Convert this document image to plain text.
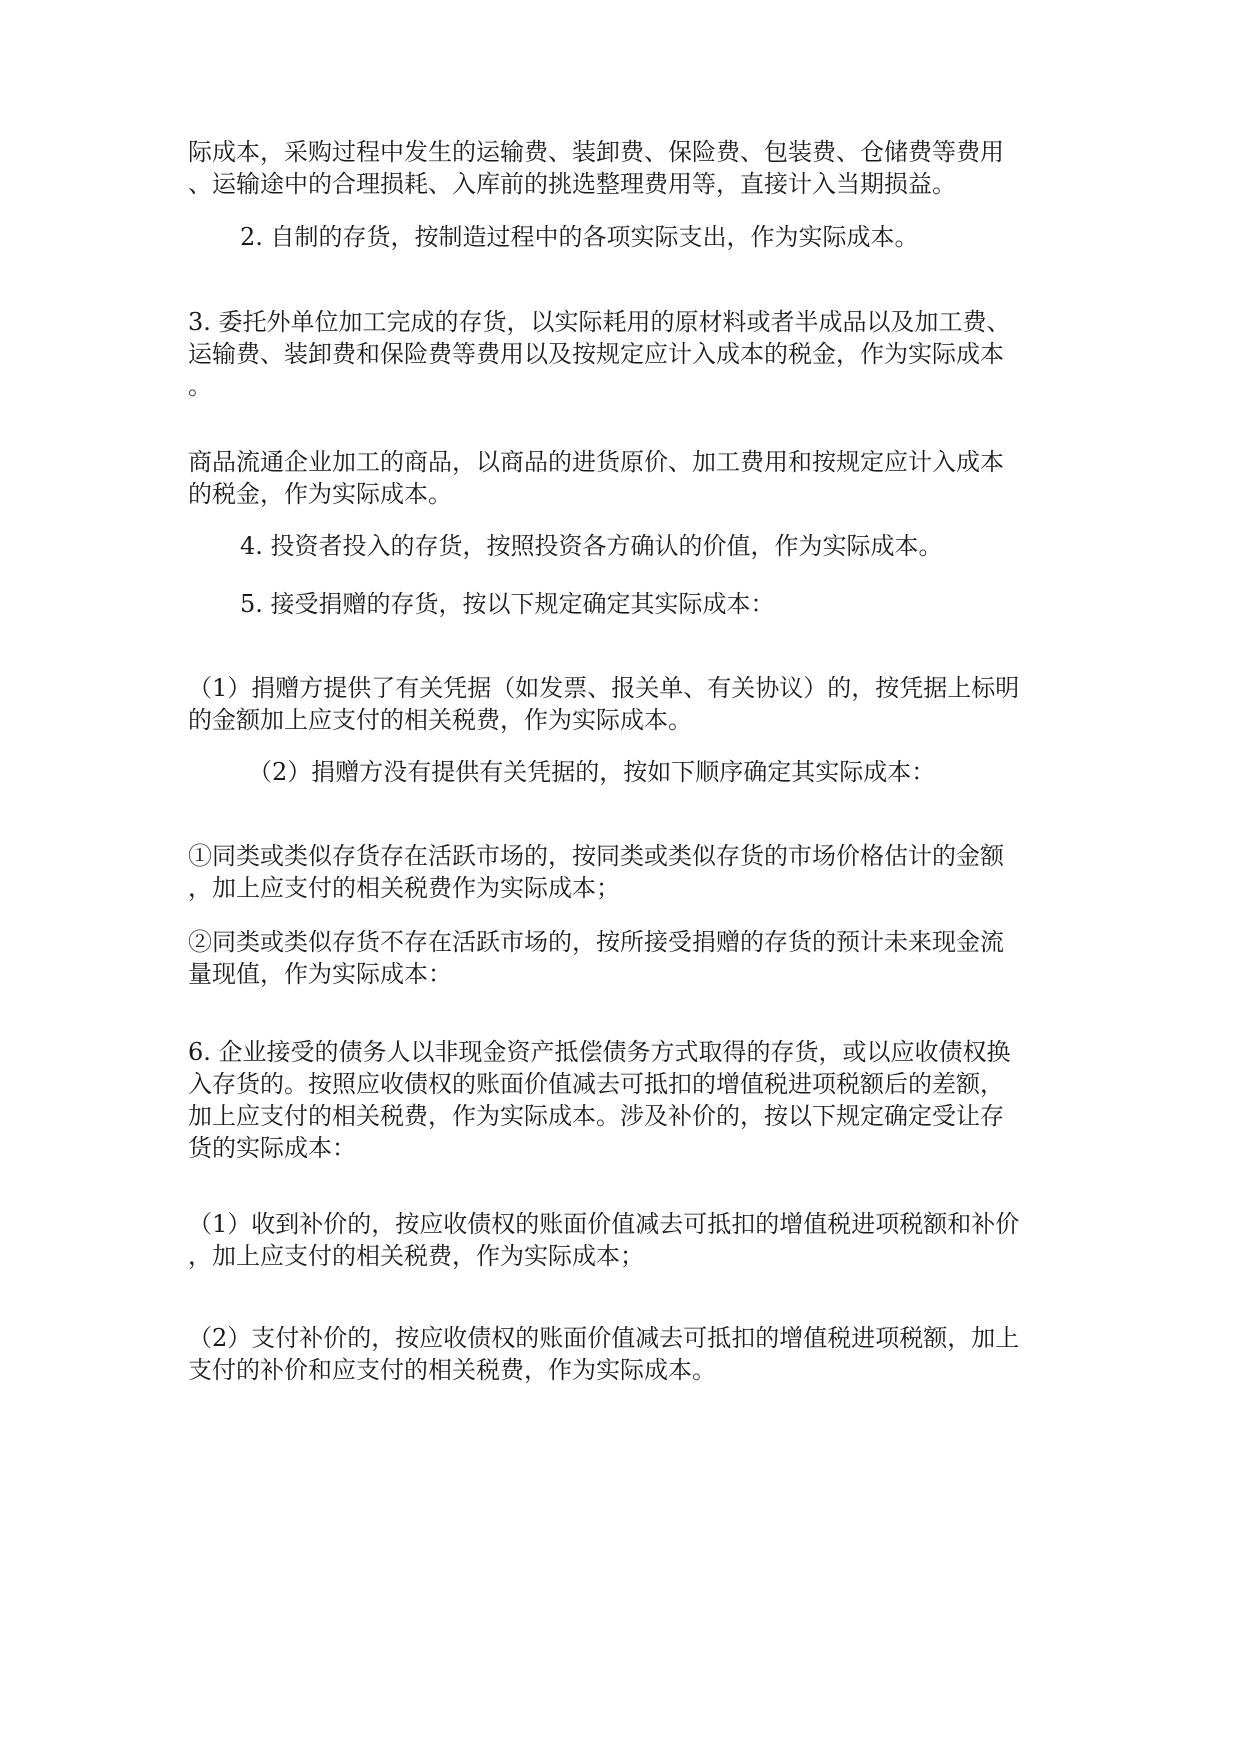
际成本，采购过程中发生的运输费、装卸费、保险费、包装费、仓储费等费用
、运输途中的合理损耗、入库前的挑选整理费用等，直接计入当期损益。

2. 自制的存货，按制造过程中的各项实际支出，作为实际成本。

3. 委托外单位加工完成的存货，以实际耗用的原材料或者半成品以及加工费、
运输费、装卸费和保险费等费用以及按规定应计入成本的税金，作为实际成本
。

商品流通企业加工的商品，以商品的进货原价、加工费用和按规定应计入成本
的税金，作为实际成本。

4. 投资者投入的存货，按照投资各方确认的价值，作为实际成本。

5. 接受捐赠的存货，按以下规定确定其实际成本：

（1）捐赠方提供了有关凭据（如发票、报关单、有关协议）的，按凭据上标明
的金额加上应支付的相关税费，作为实际成本。

（2）捐赠方没有提供有关凭据的，按如下顺序确定其实际成本：

①同类或类似存货存在活跃市场的，按同类或类似存货的市场价格估计的金额
，加上应支付的相关税费作为实际成本；

②同类或类似存货不存在活跃市场的，按所接受捐赠的存货的预计未来现金流
量现值，作为实际成本：

6. 企业接受的债务人以非现金资产抵偿债务方式取得的存货，或以应收债权换
入存货的。按照应收债权的账面价值减去可抵扣的增值税进项税额后的差额，
加上应支付的相关税费，作为实际成本。涉及补价的，按以下规定确定受让存
货的实际成本：

（1）收到补价的，按应收债权的账面价值减去可抵扣的增值税进项税额和补价
，加上应支付的相关税费，作为实际成本；

（2）支付补价的，按应收债权的账面价值减去可抵扣的增值税进项税额，加上
支付的补价和应支付的相关税费，作为实际成本。
